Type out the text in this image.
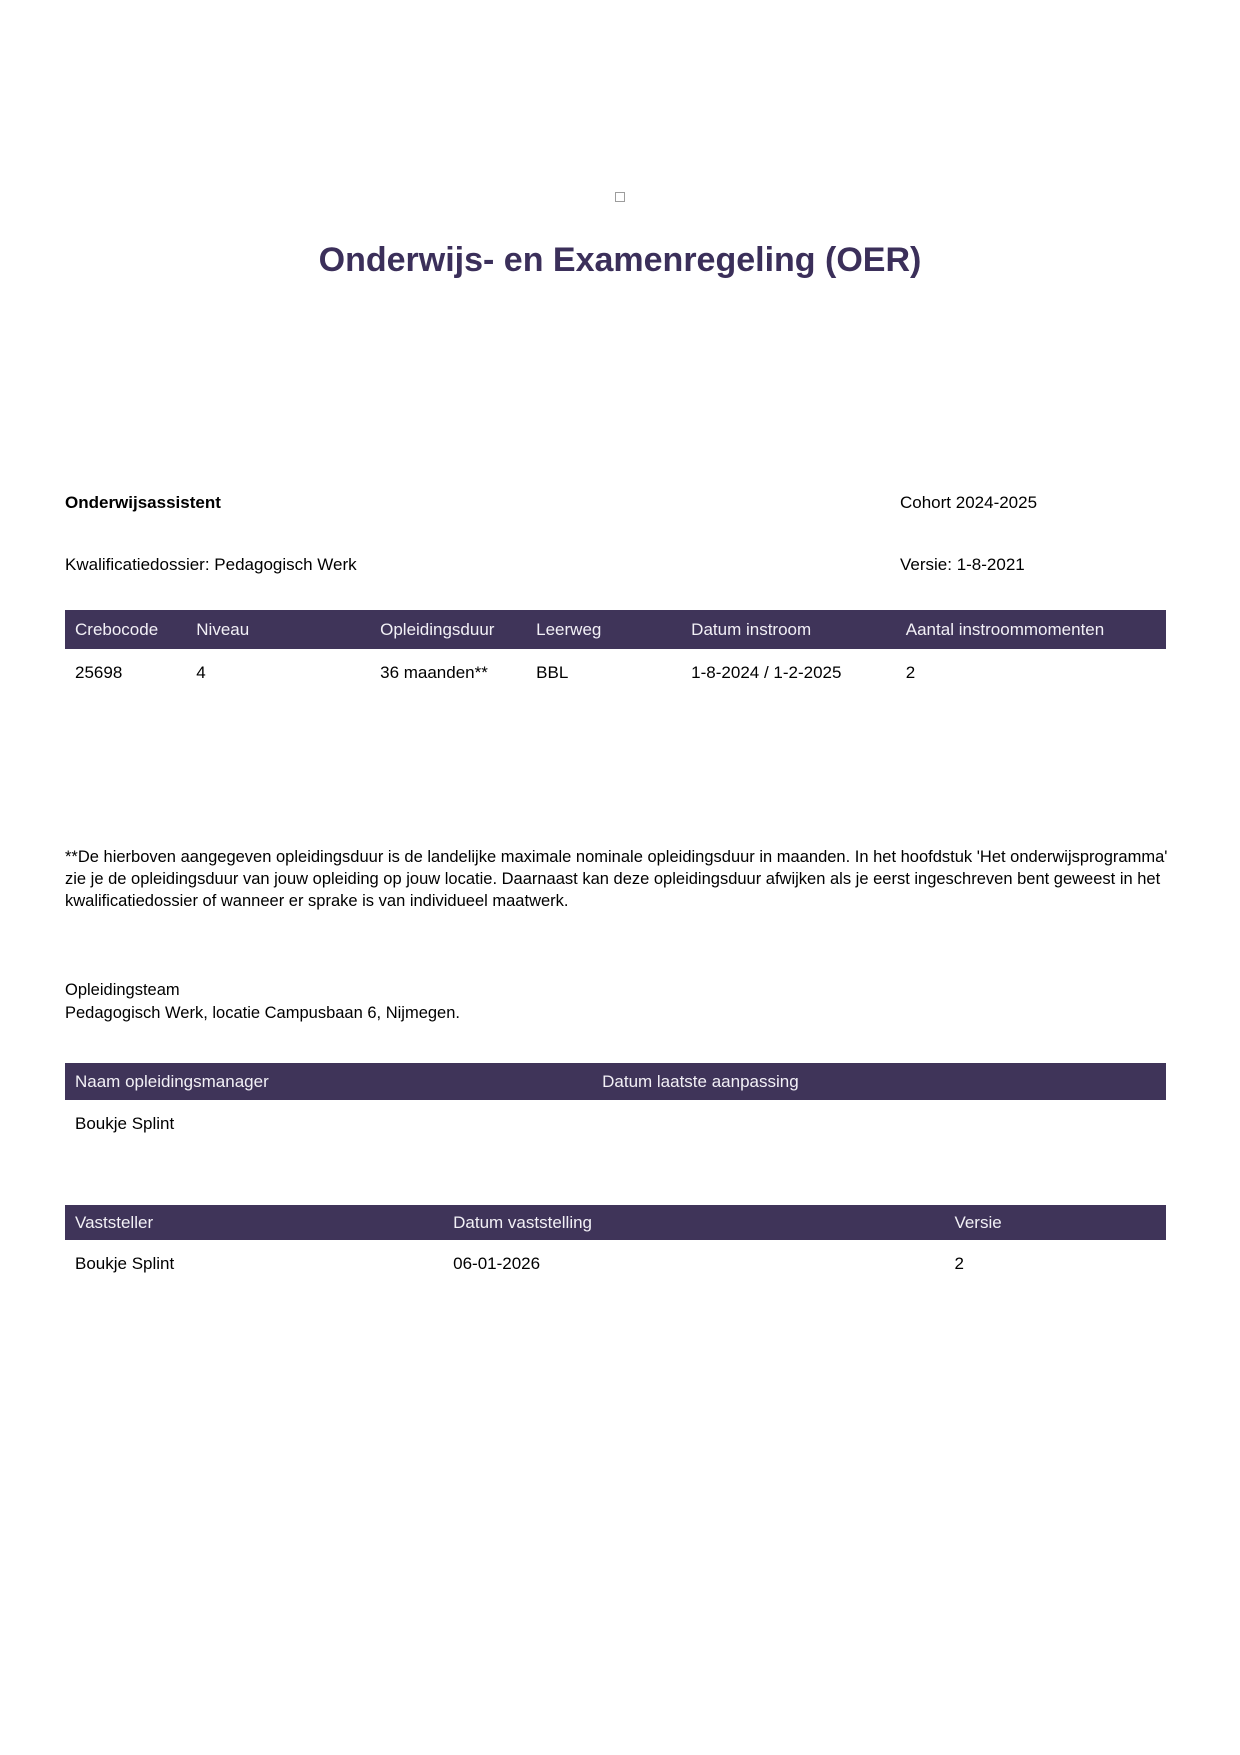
Onderwijs- en Examenregeling (OER)
Onderwijsassistent	Cohort 2024-2025
Kwalificatiedossier: Pedagogisch Werk	Versie: 1-8-2021
Crebocode	Niveau	Opleidingsduur	Leerweg	Datum instroom	Aantal instroommomenten
25698	4	36 maanden**	BBL	1-8-2024 / 1-2-2025	2

**De hierboven aangegeven opleidingsduur is de landelijke maximale nominale opleidingsduur in maanden. In het hoofdstuk 'Het onderwijsprogramma' zie je de opleidingsduur van jouw opleiding op jouw locatie. Daarnaast kan deze opleidingsduur afwijken als je eerst ingeschreven bent geweest in het kwalificatiedossier of wanneer er sprake is van individueel maatwerk.

Opleidingsteam
Pedagogisch Werk, locatie Campusbaan 6, Nijmegen.
Naam opleidingsmanager	Datum laatste aanpassing
Boukje Splint	
Vaststeller	Datum vaststelling	Versie
Boukje Splint	06-01-2026	2
